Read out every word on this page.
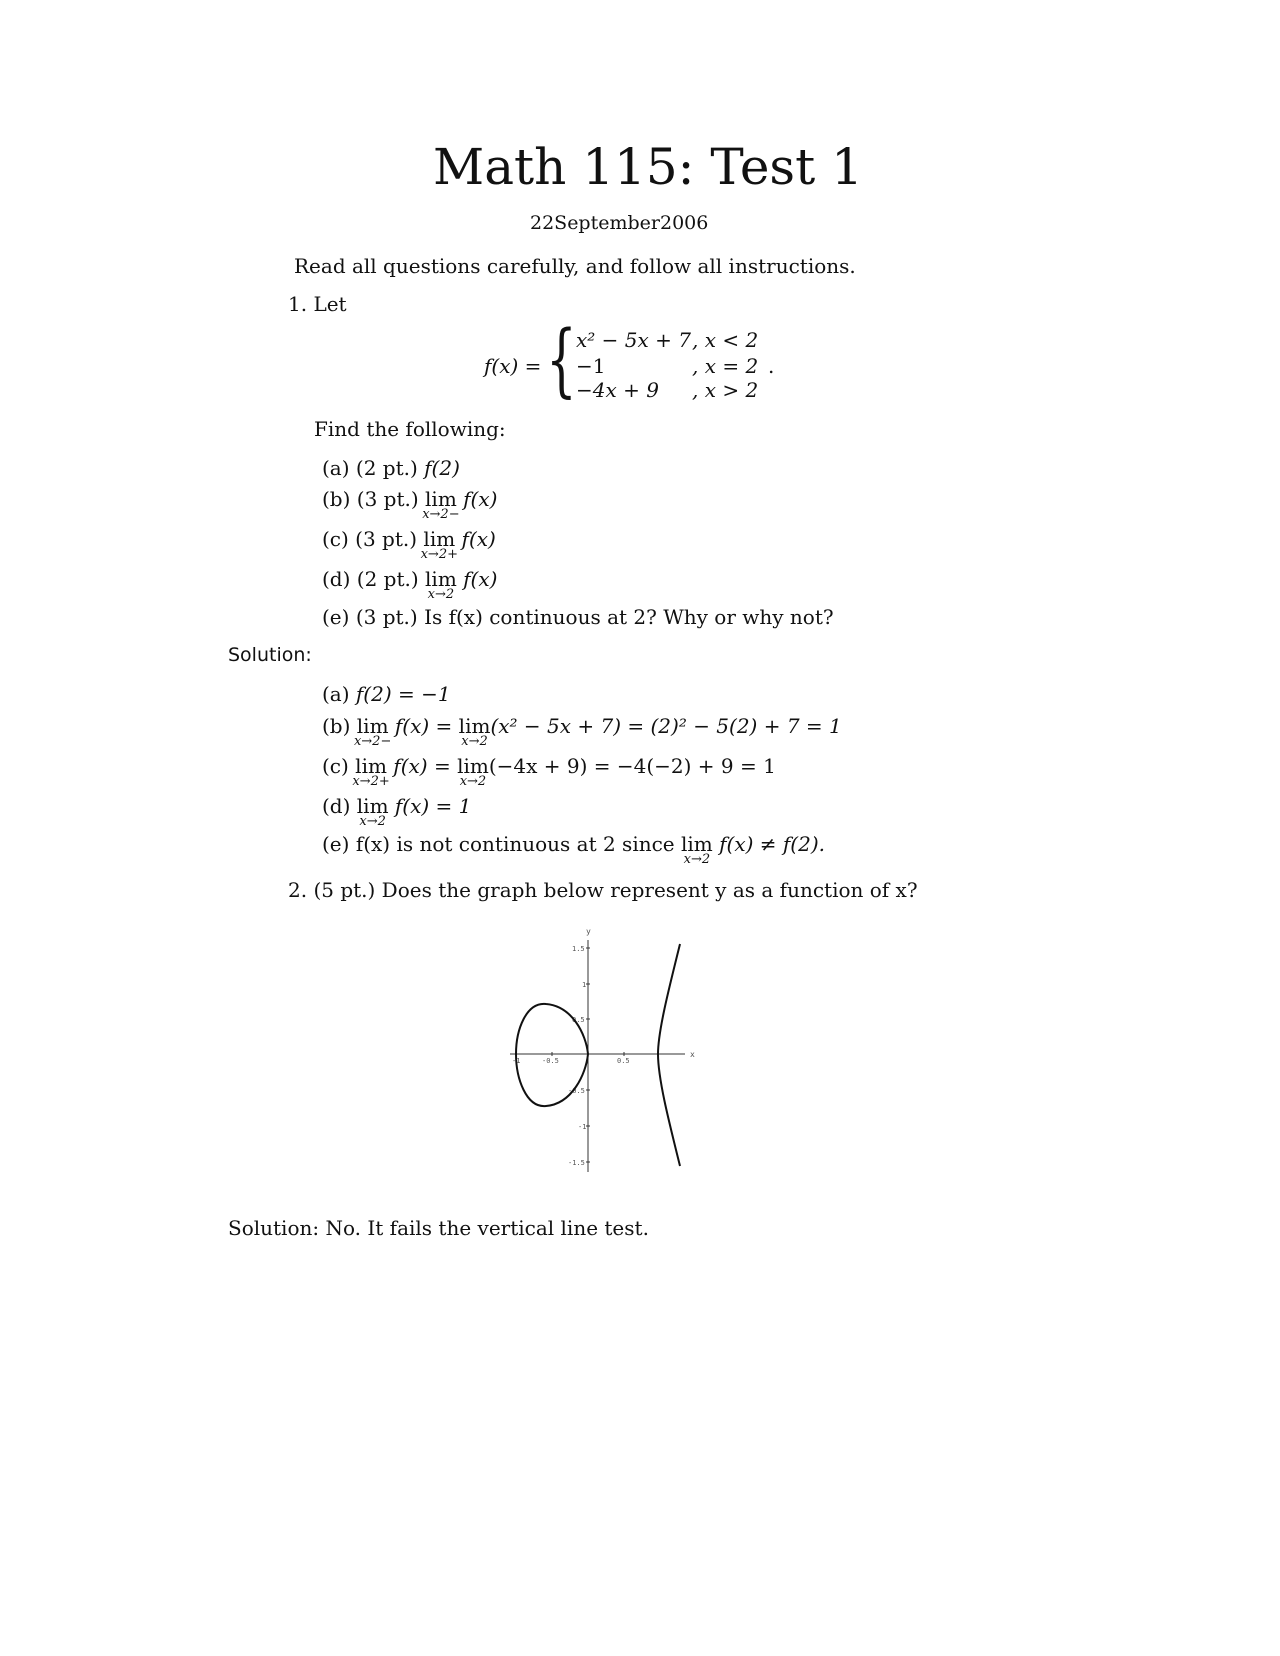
Math 115: Test 1
22September2006
Read all questions carefully, and follow all instructions.
1. Let
f(x) = { x² − 5x + 7 , x < 2
−1	, x = 2 .
−4x + 9 , x > 2
Find the following:
(a) (2 pt.) f(2)
(b) (3 pt.) lim
x→2−
f(x)
(c) (3 pt.) lim
x→2+
f(x)
(d) (2 pt.) lim
x→2
f(x)
(e) (3 pt.) Is f(x) continuous at 2? Why or why not?
Solution:
(a) f(2) = −1
(b) lim
x→2−
f(x) = lim
x→2
(x² − 5x + 7) = (2)² − 5(2) + 7 = 1
(c) lim
x→2+
f(x) = lim
x→2
(−4x + 9) = −4(−2) + 9 = 1
(d) lim
x→2
f(x) = 1
(e) f(x) is not continuous at 2 since lim
x→2
f(x) ≠ f(2).
2. (5 pt.) Does the graph below represent y as a function of x?
x
y
1.5
1
0.5
-0.5
-1
-1.5
-1	-0.5	0.5
Solution: No. It fails the vertical line test.
